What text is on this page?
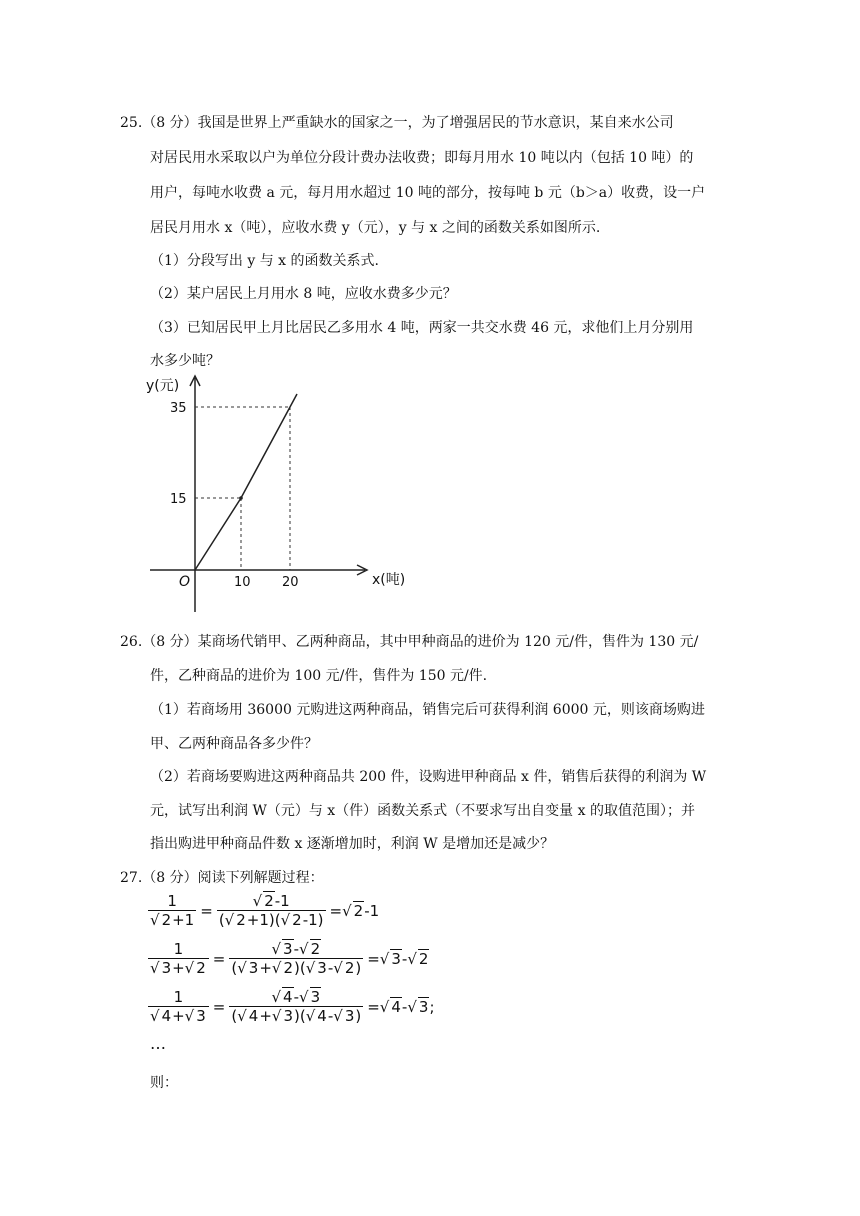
25.（8 分）我国是世界上严重缺水的国家之一，为了增强居民的节水意识，某自来水公司
对居民用水采取以户为单位分段计费办法收费；即每月用水 10 吨以内（包括 10 吨）的
用户，每吨水收费 a 元，每月用水超过 10 吨的部分，按每吨 b 元（b＞a）收费，设一户
居民月用水 x（吨），应收水费 y（元），y 与 x 之间的函数关系如图所示.
（1）分段写出 y 与 x 的函数关系式.
（2）某户居民上月用水 8 吨，应收水费多少元？
（3）已知居民甲上月比居民乙多用水 4 吨，两家一共交水费 46 元，求他们上月分别用
水多少吨？
y(元)
35
15
O	10 20	x(吨)
26.（8 分）某商场代销甲、乙两种商品，其中甲种商品的进价为 120 元/件，售件为 130 元/
件，乙种商品的进价为 100 元/件，售件为 150 元/件.
（1）若商场用 36000 元购进这两种商品，销售完后可获得利润 6000 元，则该商场购进
甲、乙两种商品各多少件？
（2）若商场要购进这两种商品共 200 件，设购进甲种商品 x 件，销售后获得的利润为 W
元，试写出利润 W（元）与 x（件）函数关系式（不要求写出自变量 x 的取值范围）；并
指出购进甲种商品件数 x 逐渐增加时，利润 W 是增加还是减少？
27.（8 分）阅读下列解题过程：
$\frac{1}{√ 2+1} = \frac{√ 2-1}{(√ 2+1)(√ 2-1)}$ =√ 2-1
$\frac{1}{√ 3+√ 2} = \frac{√ 3-√ 2}{(√ 3+√ 2)(√ 3-√ 2)}$ =√ 3-√ 2
$\frac{1}{√ 4+√ 3} = \frac{√ 4-√ 3}{(√ 4+√ 3)(√ 4-√ 3)}$ =√ 4-√ 3;
…
则：
